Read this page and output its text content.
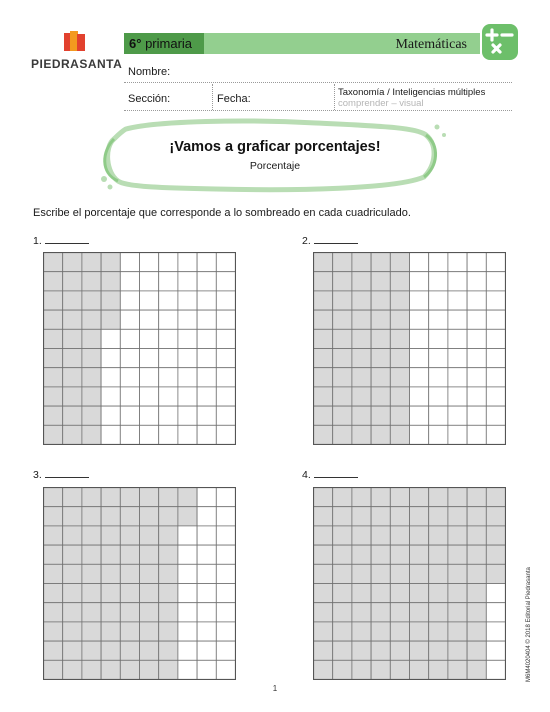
PIEDRASANTA
6° primaria	Matemáticas
Nombre:
Sección:	Fecha:
Taxonomía / Inteligencias múltiples
comprender – visual
¡Vamos a graficar porcentajes!
Porcentaje
Escribe el porcentaje que corresponde a lo sombreado en cada cuadriculado.
1.	2.
3.	4.
M6M4020404 © 2018 Editorial Piedrasanta
1
